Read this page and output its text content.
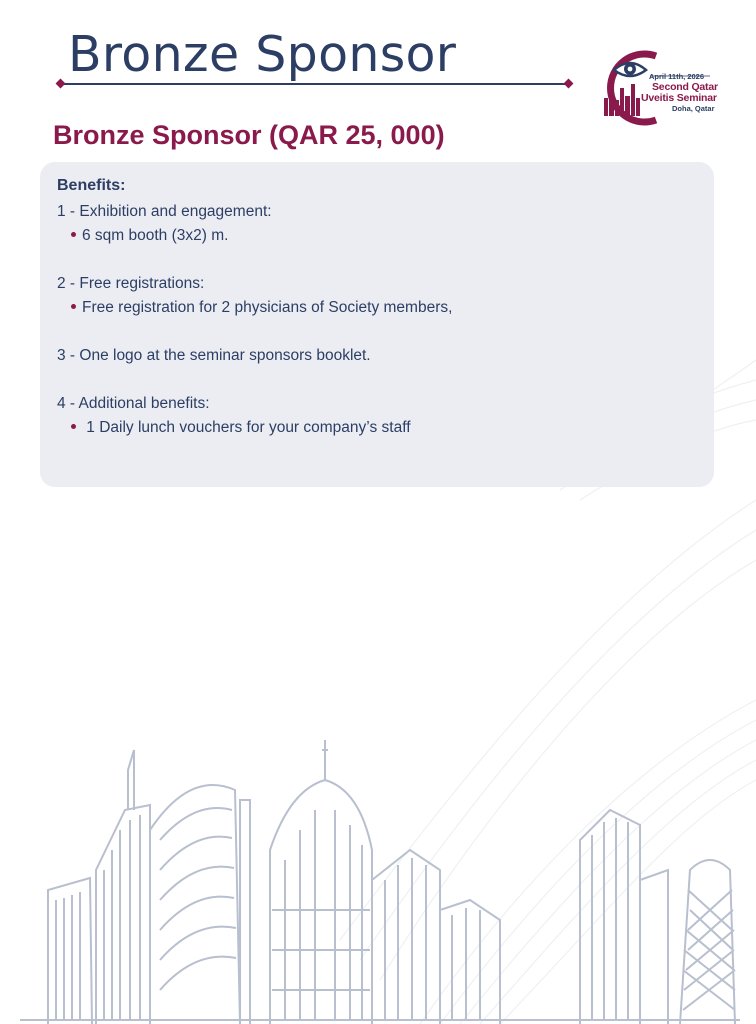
Bronze Sponsor	April 11th, 2026
Second Qatar
Uveitis Seminar
Doha, Qatar
Bronze Sponsor (QAR 25, 000)
Benefits:
1 - Exhibition and engagement:
6 sqm booth (3x2) m.
2 - Free registrations:
Free registration for 2 physicians of Society members,
3 - One logo at the seminar sponsors booklet.
4 - Additional benefits:
1 Daily lunch vouchers for your company’s staff
